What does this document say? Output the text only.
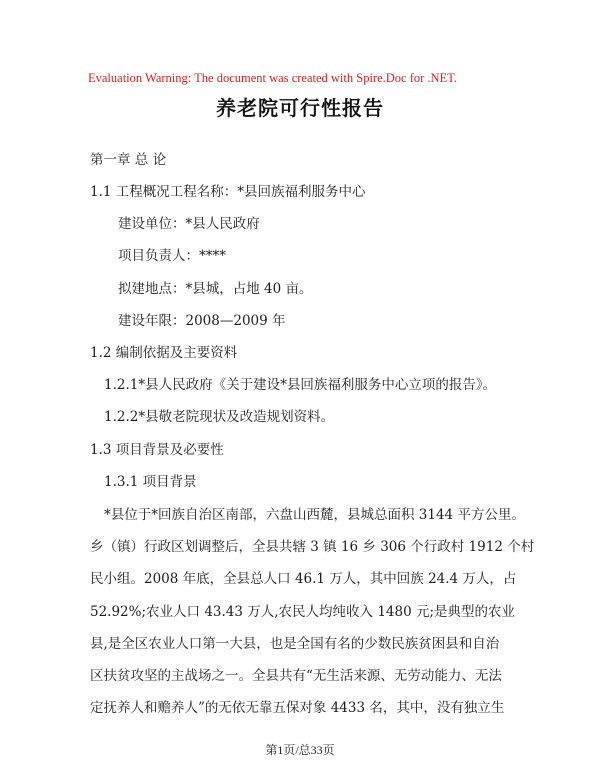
Evaluation Warning: The document was created with Spire.Doc for .NET.
养老院可行性报告
第一章 总 论
1.1 工程概况工程名称：*县回族福利服务中心
建设单位：*县人民政府
项目负责人：****
拟建地点：*县城，占地 40 亩。
建设年限：2008—2009 年
1.2 编制依据及主要资料
1.2.1*县人民政府《关于建设*县回族福利服务中心立项的报告》。
1.2.2*县敬老院现状及改造规划资料。
1.3 项目背景及必要性
1.3.1 项目背景
*县位于*回族自治区南部，六盘山西麓，县城总面积 3144 平方公里。
乡（镇）行政区划调整后，全县共辖 3 镇 16 乡 306 个行政村 1912 个村
民小组。2008 年底，全县总人口 46.1 万人，其中回族 24.4 万人，占
52.92%;农业人口 43.43 万人,农民人均纯收入 1480 元;是典型的农业
县,是全区农业人口第一大县，也是全国有名的少数民族贫困县和自治
区扶贫攻坚的主战场之一。全县共有“无生活来源、无劳动能力、无法
定抚养人和赡养人”的无依无靠五保对象 4433 名，其中，没有独立生
第1页/总33页
